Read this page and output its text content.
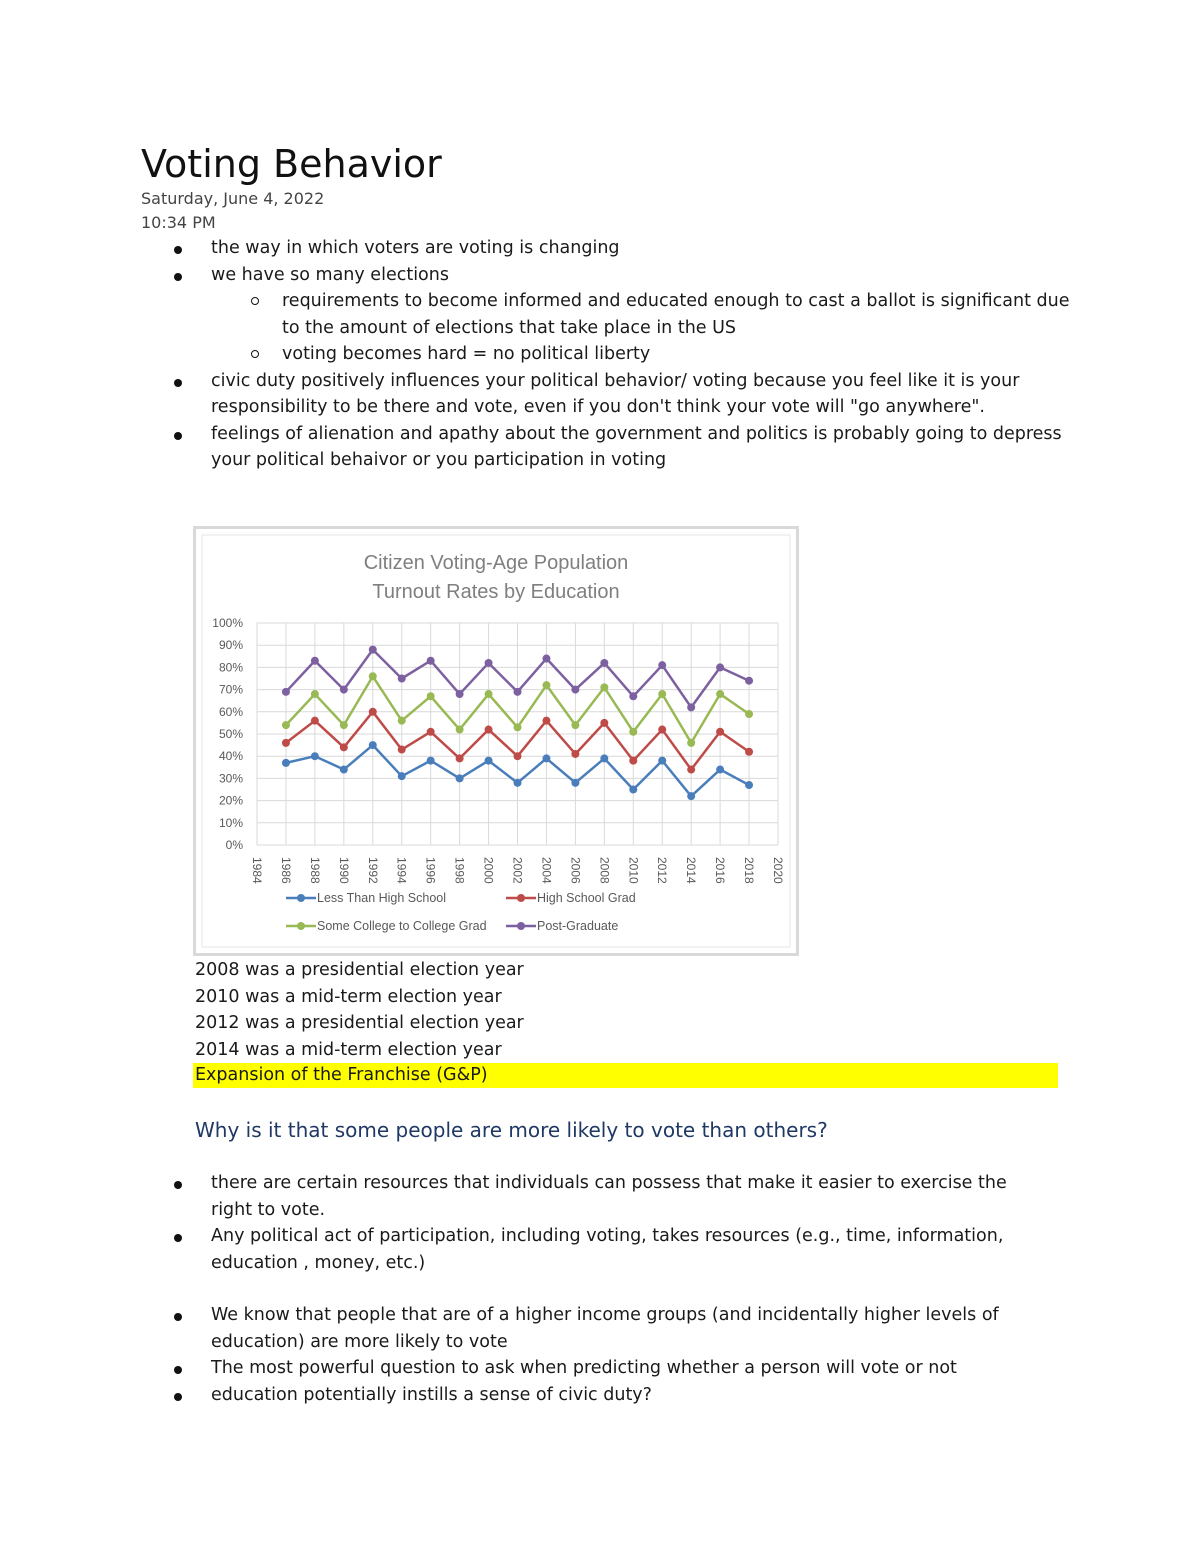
Voting Behavior
Saturday, June 4, 2022
10:34 PM
the way in which voters are voting is changing
we have so many elections
requirements to become informed and educated enough to cast a ballot is significant due to the amount of elections that take place in the US
voting becomes hard = no political liberty
civic duty positively influences your political behavior/ voting because you feel like it is your responsibility to be there and vote, even if you don't think your vote will "go anywhere".
feelings of alienation and apathy about the government and politics is probably going to depress your political behaivor or you participation in voting
Citizen Voting-Age Population
Turnout Rates by Education
0%
10%
20%
30%
40%
50%
60%
70%
80%
90%
100%
1984 1986 1988 1990 1992 1994 1996 1998 2000 2002 2004 2006 2008 2010 2012 2014 2016 2018 2020
Less Than High School	High School Grad
Some College to College Grad	Post-Graduate
2008 was a presidential election year
2010 was a mid-term election year
2012 was a presidential election year
2014 was a mid-term election year
Expansion of the Franchise (G&P)
Why is it that some people are more likely to vote than others?
there are certain resources that individuals can possess that make it easier to exercise the right to vote.
Any political act of participation, including voting, takes resources (e.g., time, information, education , money, etc.)
We know that people that are of a higher income groups (and incidentally higher levels of education) are more likely to vote
The most powerful question to ask when predicting whether a person will vote or not
education potentially instills a sense of civic duty?
